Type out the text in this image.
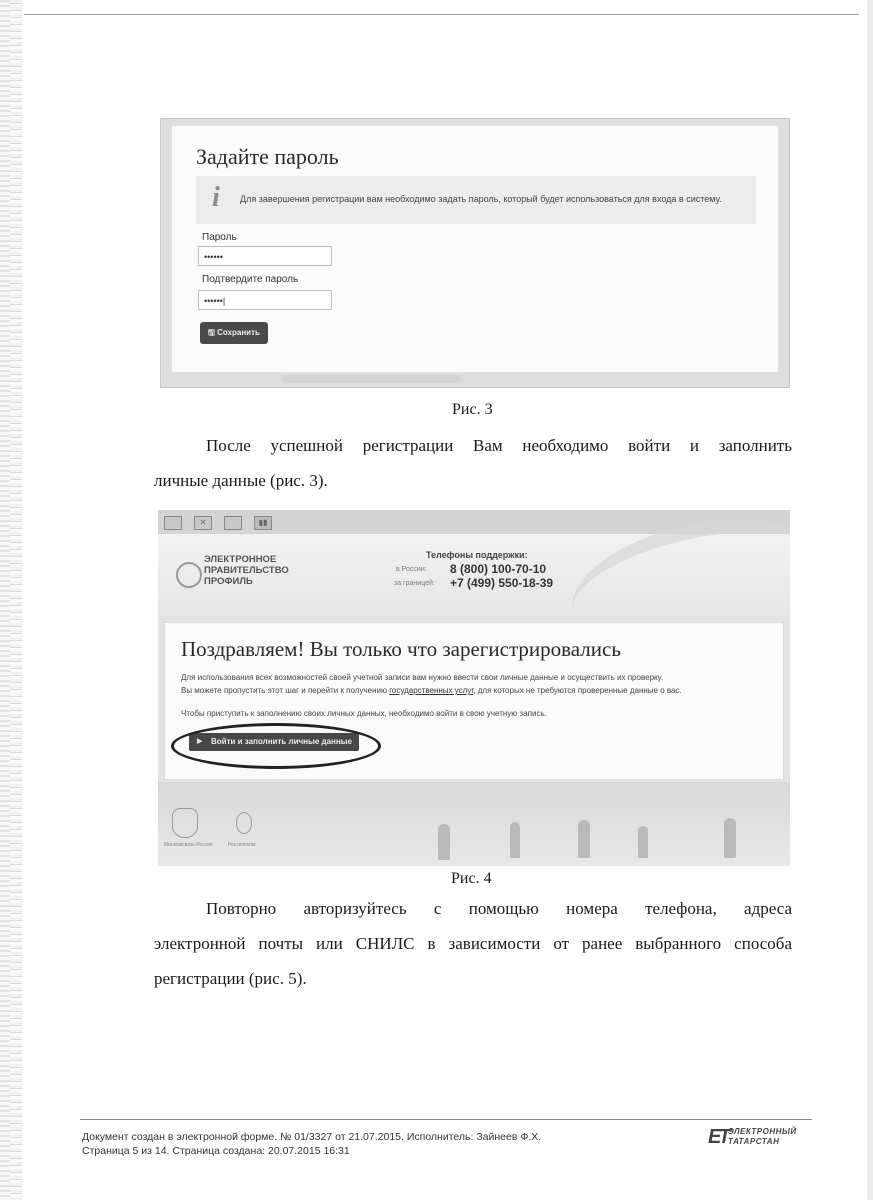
Задайте пароль
i Для завершения регистрации вам необходимо задать пароль, который будет использоваться для входа в систему.
Пароль
••••••
Подтвердите пароль
••••••|
🖫 Сохранить
Рис. 3
После успешной регистрации Вам необходимо войти и заполнить
личные данные (рис. 3).
✕	▮▮
ЭЛЕКТРОННОЕ
ПРАВИТЕЛЬСТВО
ПРОФИЛЬ
Телефоны поддержки:
в России: 8 (800) 100-70-10
за границей: +7 (499) 550-18-39
Поздравляем! Вы только что зарегистрировались
Для использования всех возможностей своей учетной записи вам нужно ввести свои личные данные и осуществить их проверку.
Вы можете пропустить этот шаг и перейти к получению государственных услуг, для которых не требуются проверенные данные о вас.
Чтобы приступить к заполнению своих личных данных, необходимо войти в свою учетную запись.
▶ Войти и заполнить личные данные
Минкомсвязь России	Ростелеком
Рис. 4
Повторно авторизуйтесь с помощью номера телефона, адреса
электронной почты или СНИЛС в зависимости от ранее выбранного способа
регистрации (рис. 5).
Документ создан в электронной форме. № 01/3327 от 21.07.2015. Исполнитель: Зайнеев Ф.Х.
Страница 5 из 14. Страница создана: 20.07.2015 16:31
ЕТ ЭЛЕКТРОННЫЙ
ТАТАРСТАН
